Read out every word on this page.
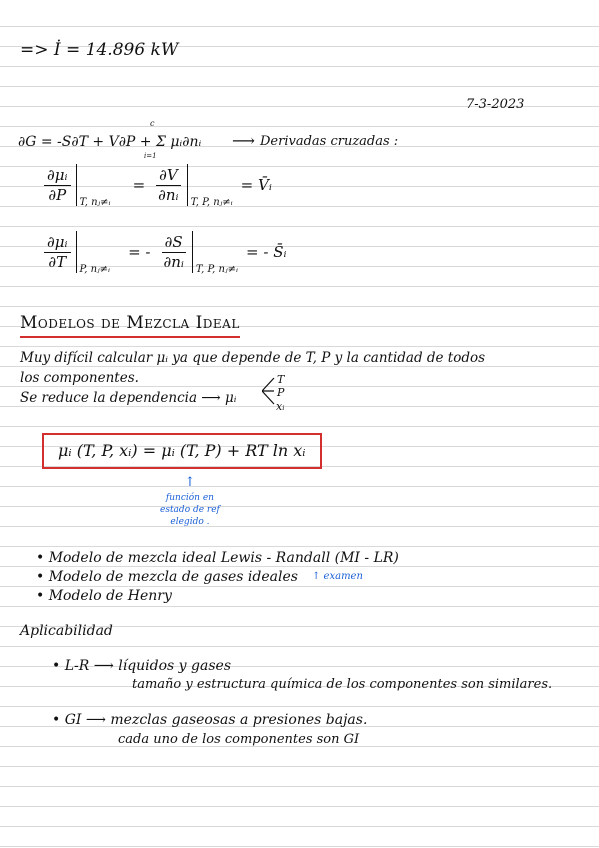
=> İ = 14.896 kW
7-3-2023
∂G = -S∂T + V∂P + Σ μᵢ∂nᵢ
c
i=1
⟶ Derivadas cruzadas :
$\frac{\text{∂μᵢ}}{\partial P} T$, nⱼ≠ᵢ
= $\frac{\partial V}{\text{∂nᵢ}} T$, P, nⱼ≠ᵢ
= V̄ᵢ
$\frac{\text{∂μᵢ}}{\partial T} P$, nⱼ≠ᵢ
= - $\frac{\partial S}{\text{∂nᵢ}} T$, P, nⱼ≠ᵢ
= - S̄ᵢ
Modelos de Mezcla Ideal
Muy difícil calcular μᵢ ya que depende de T, P y la cantidad de todos
los componentes.
Se reduce la dependencia ⟶ μᵢ
T
P
xᵢ
μᵢ (T, P, xᵢ) = μᵢ (T, P) + RT ln xᵢ
↑
función en
estado de ref
elegido .
• Modelo de mezcla ideal Lewis - Randall (MI - LR)
• Modelo de mezcla de gases ideales ↑ examen
• Modelo de Henry
Aplicabilidad
• L-R ⟶ líquidos y gases
tamaño y estructura química de los componentes son similares.
• GI ⟶ mezclas gaseosas a presiones bajas.
cada uno de los componentes son GI
